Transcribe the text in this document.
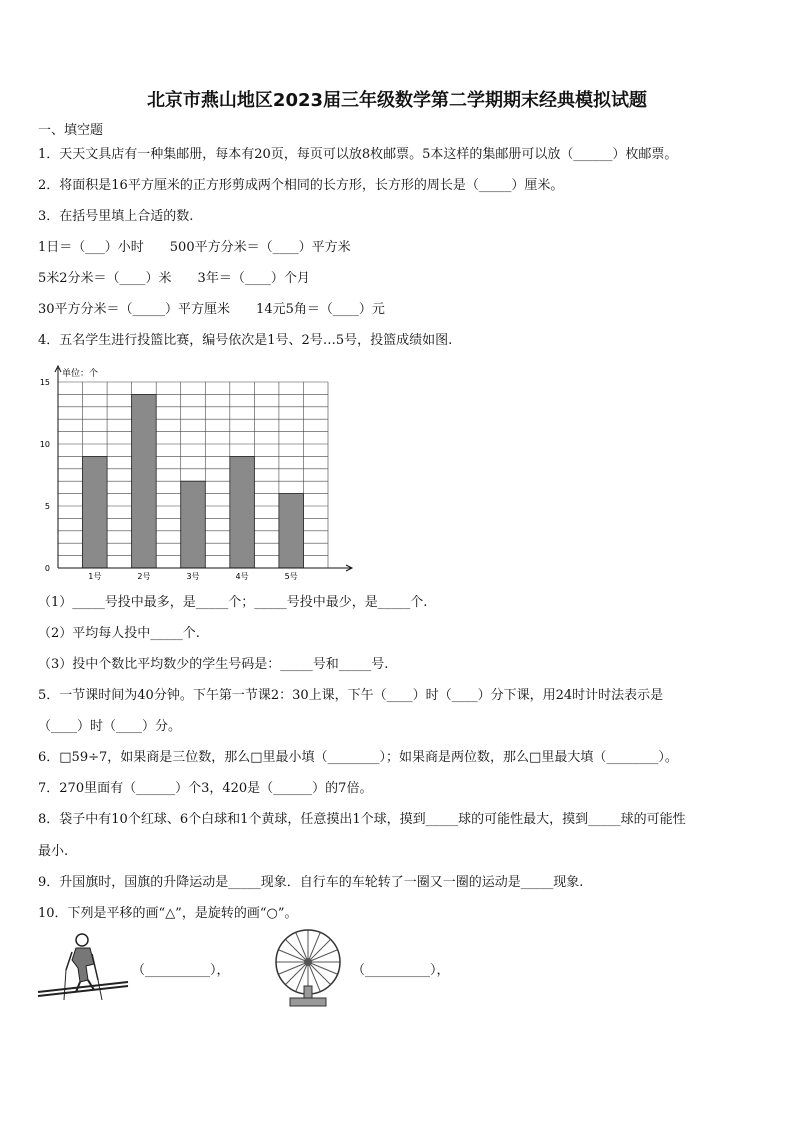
北京市燕山地区2023届三年级数学第二学期期末经典模拟试题
一、填空题
1．天天文具店有一种集邮册，每本有20页，每页可以放8枚邮票。5本这样的集邮册可以放（______）枚邮票。
2．将面积是16平方厘米的正方形剪成两个相同的长方形，长方形的周长是（_____）厘米。
3．在括号里填上合适的数.
1日＝（___）小时　　500平方分米＝（____）平方米
5米2分米＝（____）米　　3年＝（____）个月
30平方分米＝（_____）平方厘米　　14元5角＝（____）元
4．五名学生进行投篮比赛，编号依次是1号、2号…5号，投篮成绩如图.
单位：个
0
5
10
15
1号	2号	3号	4号	5号
（1）_____号投中最多，是_____个；_____号投中最少，是_____个.
（2）平均每人投中_____个.
（3）投中个数比平均数少的学生号码是：_____号和_____号.
5．一节课时间为40分钟。下午第一节课2：30上课，下午（____）时（____）分下课，用24时计时法表示是
（____）时（____）分。
6．□59÷7，如果商是三位数，那么□里最小填（________）；如果商是两位数，那么□里最大填（________）。
7．270里面有（______）个3，420是（______）的7倍。
8．袋子中有10个红球、6个白球和1个黄球，任意摸出1个球，摸到_____球的可能性最大，摸到_____球的可能性
最小.
9．升国旗时，国旗的升降运动是_____现象．自行车的车轮转了一圈又一圈的运动是_____现象.
10．下列是平移的画“△”，是旋转的画“○”。
（__________），	（__________），
